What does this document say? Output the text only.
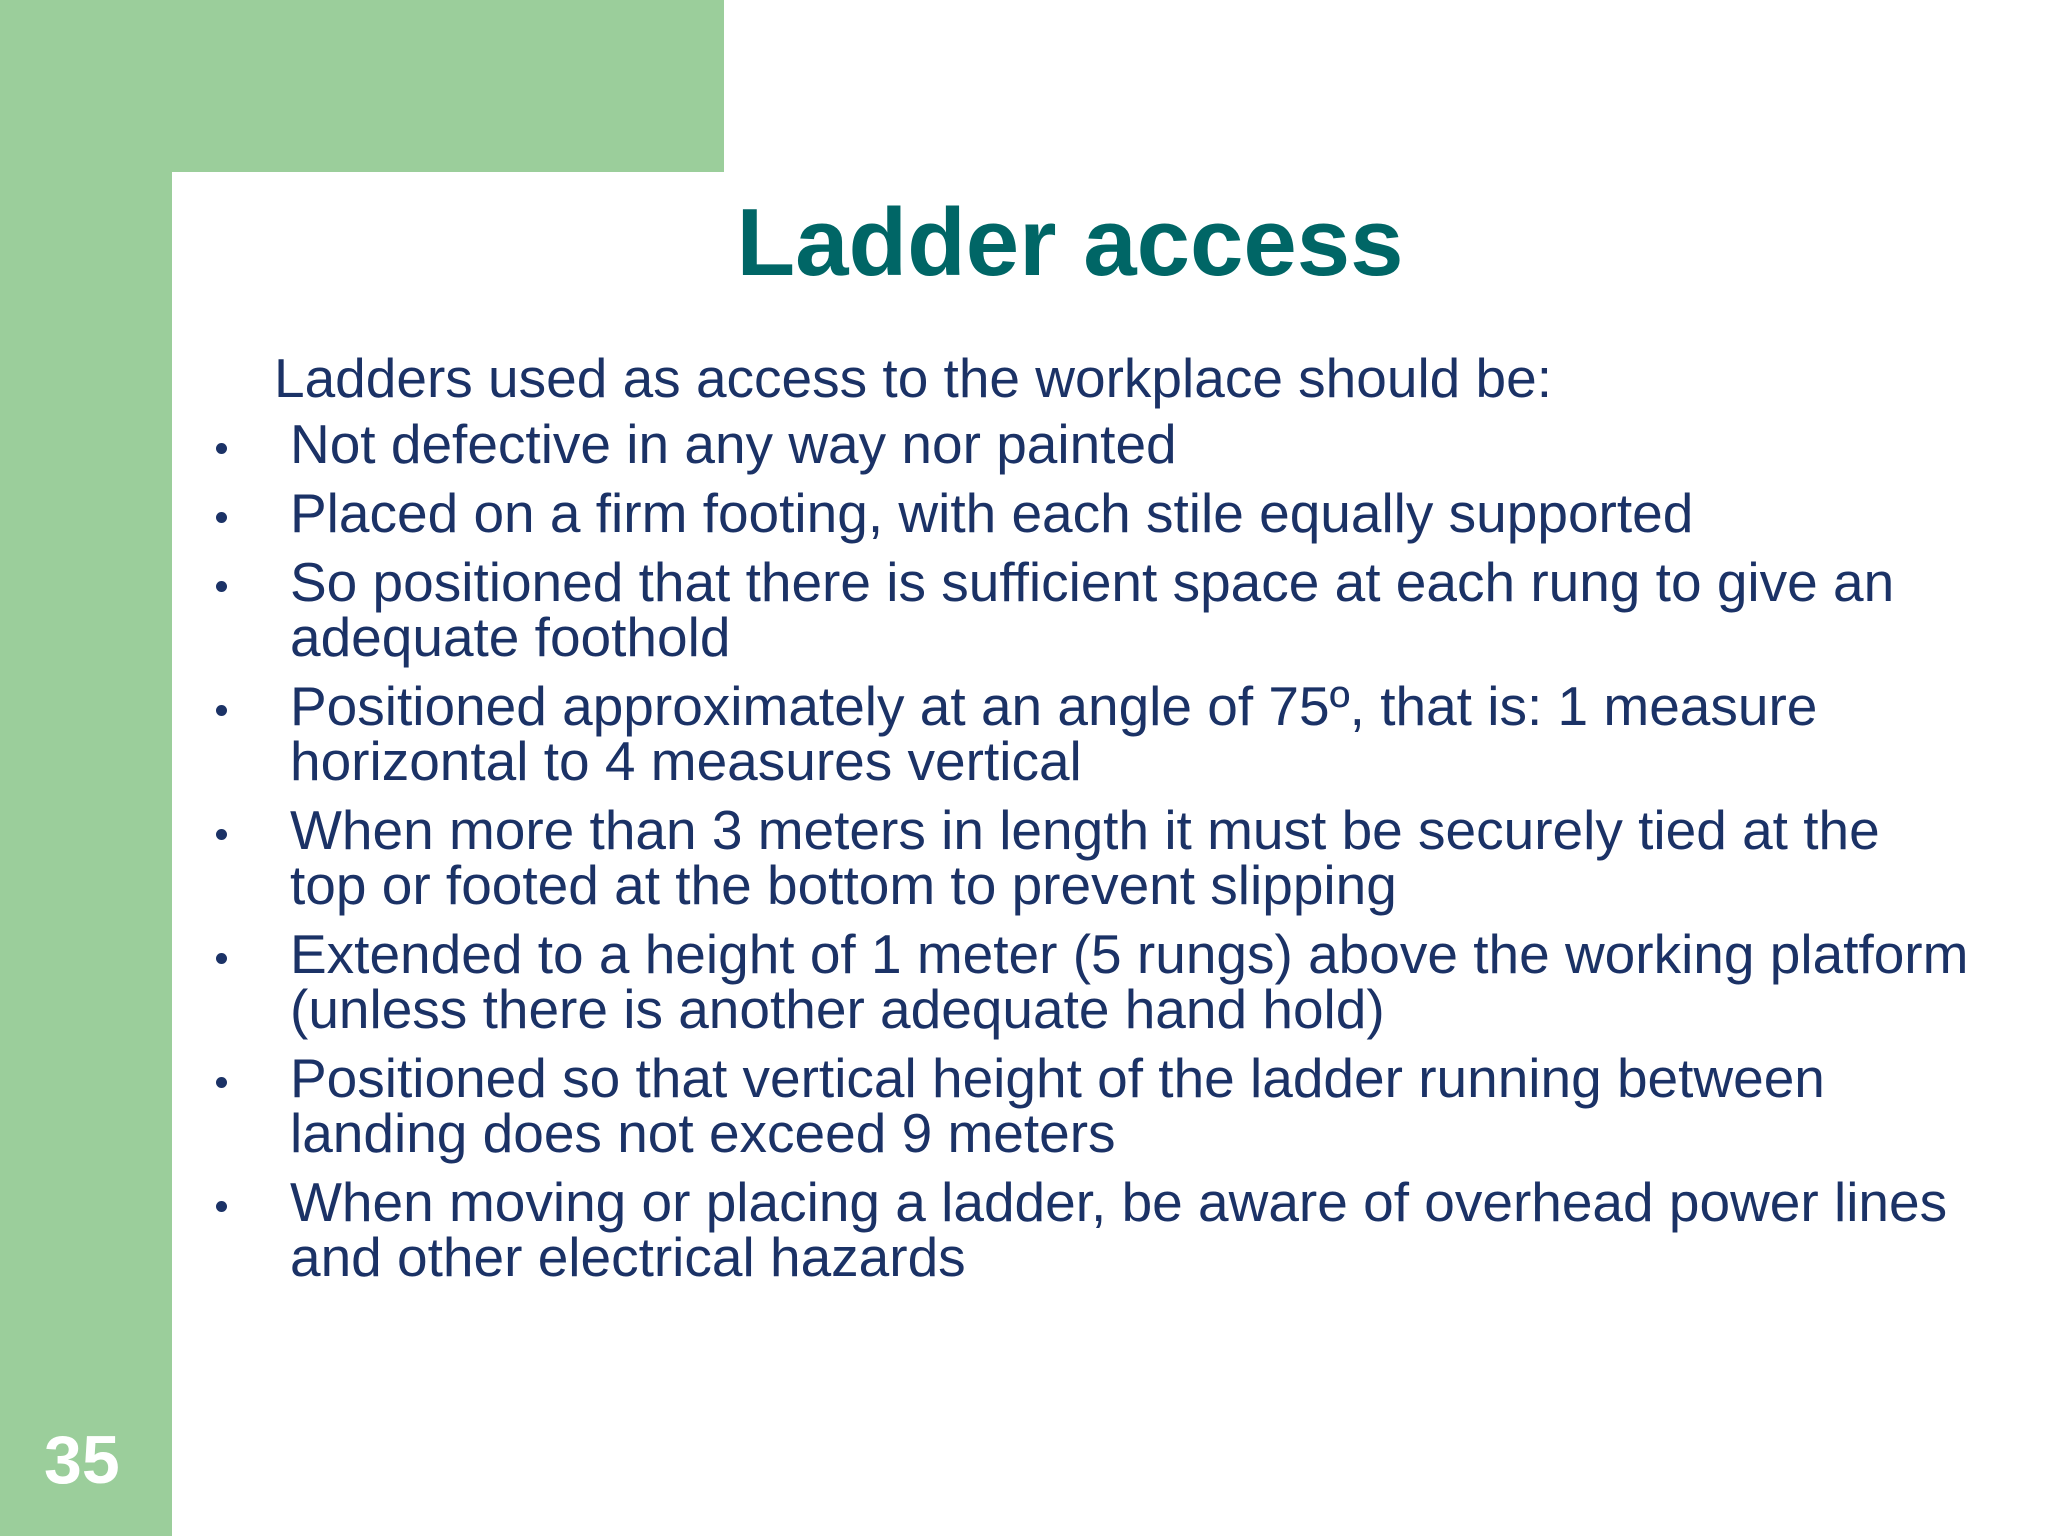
35
Ladder access
Ladders used as access to the workplace should be:
Not defective in any way nor painted
Placed on a firm footing, with each stile equally supported
So positioned that there is sufficient space at each rung to give an adequate foothold
Positioned approximately at an angle of 75º, that is: 1 measure horizontal to 4 measures vertical
When more than 3 meters in length it must be securely tied at the top or footed at the bottom to prevent slipping
Extended to a height of 1 meter (5 rungs) above the working platform (unless there is another adequate hand hold)
Positioned so that vertical height of the ladder running between landing does not exceed 9 meters
When moving or placing a ladder, be aware of overhead power lines and other electrical hazards
